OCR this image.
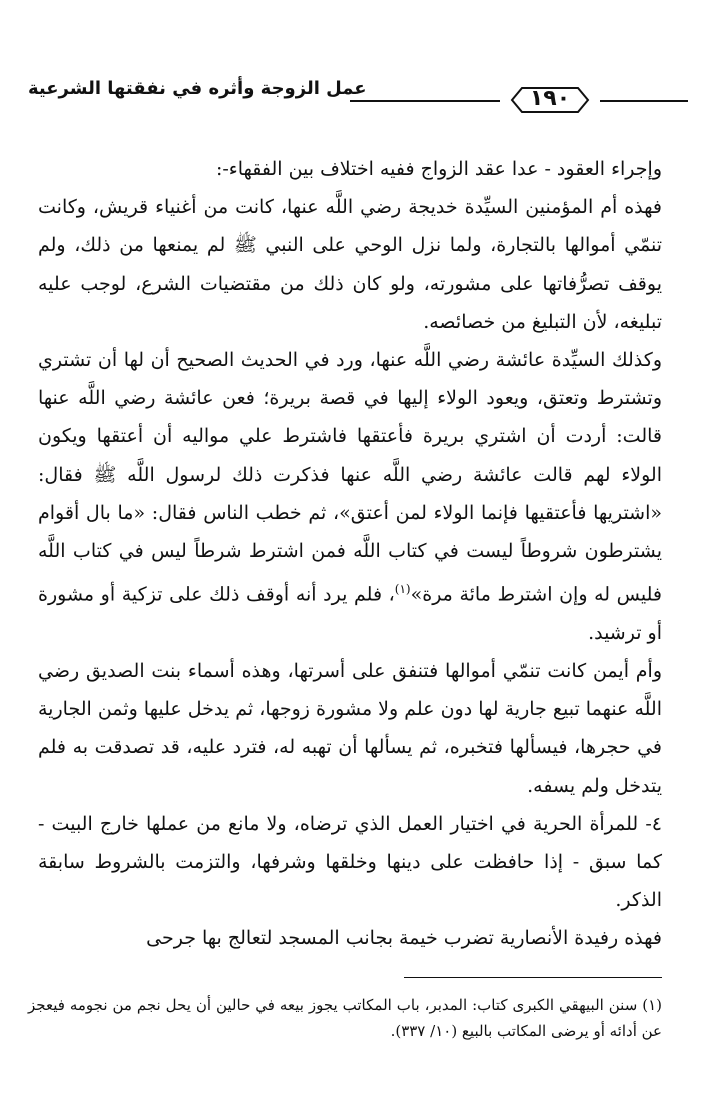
عمل الزوجة وأثره في نفقتها الشرعية	١٩٠

وإجراء العقود - عدا عقد الزواج ففيه اختلاف بين الفقهاء-:

فهذه أم المؤمنين السيِّدة خديجة رضي اللَّه عنها، كانت من أغنياء قريش، وكانت تنمّي أموالها بالتجارة، ولما نزل الوحي على النبي ﷺ لم يمنعها من ذلك، ولم يوقف تصرُّفاتها على مشورته، ولو كان ذلك من مقتضيات الشرع، لوجب عليه تبليغه، لأن التبليغ من خصائصه.

وكذلك السيِّدة عائشة رضي اللَّه عنها، ورد في الحديث الصحيح أن لها أن تشتري وتشترط وتعتق، ويعود الولاء إليها في قصة بريرة؛ فعن عائشة رضي اللَّه عنها قالت: أردت أن اشتري بريرة فأعتقها فاشترط علي مواليه أن أعتقها ويكون الولاء لهم قالت عائشة رضي اللَّه عنها فذكرت ذلك لرسول اللَّه ﷺ فقال: «اشتريها فأعتقيها فإنما الولاء لمن أعتق»، ثم خطب الناس فقال: «ما بال أقوام يشترطون شروطاً ليست في كتاب اللَّه فمن اشترط شرطاً ليس في كتاب اللَّه فليس له وإن اشترط مائة مرة»$^{(١)}$، فلم يرد أنه أوقف ذلك على تزكية أو مشورة أو ترشيد.

وأم أيمن كانت تنمّي أموالها فتنفق على أسرتها، وهذه أسماء بنت الصديق رضي اللَّه عنهما تبيع جارية لها دون علم ولا مشورة زوجها، ثم يدخل عليها وثمن الجارية في حجرها، فيسألها فتخبره، ثم يسألها أن تهبه له، فترد عليه، قد تصدقت به فلم يتدخل ولم يسفه.

٤- للمرأة الحرية في اختيار العمل الذي ترضاه، ولا مانع من عملها خارج البيت - كما سبق - إذا حافظت على دينها وخلقها وشرفها، والتزمت بالشروط سابقة الذكر.

فهذه رفيدة الأنصارية تضرب خيمة بجانب المسجد لتعالج بها جرحى

(١) سنن البيهقي الكبرى كتاب: المدبر، باب المكاتب يجوز بيعه في حالين أن يحل نجم من نجومه فيعجز عن أدائه أو يرضى المكاتب بالبيع (١٠/ ٣٣٧).
